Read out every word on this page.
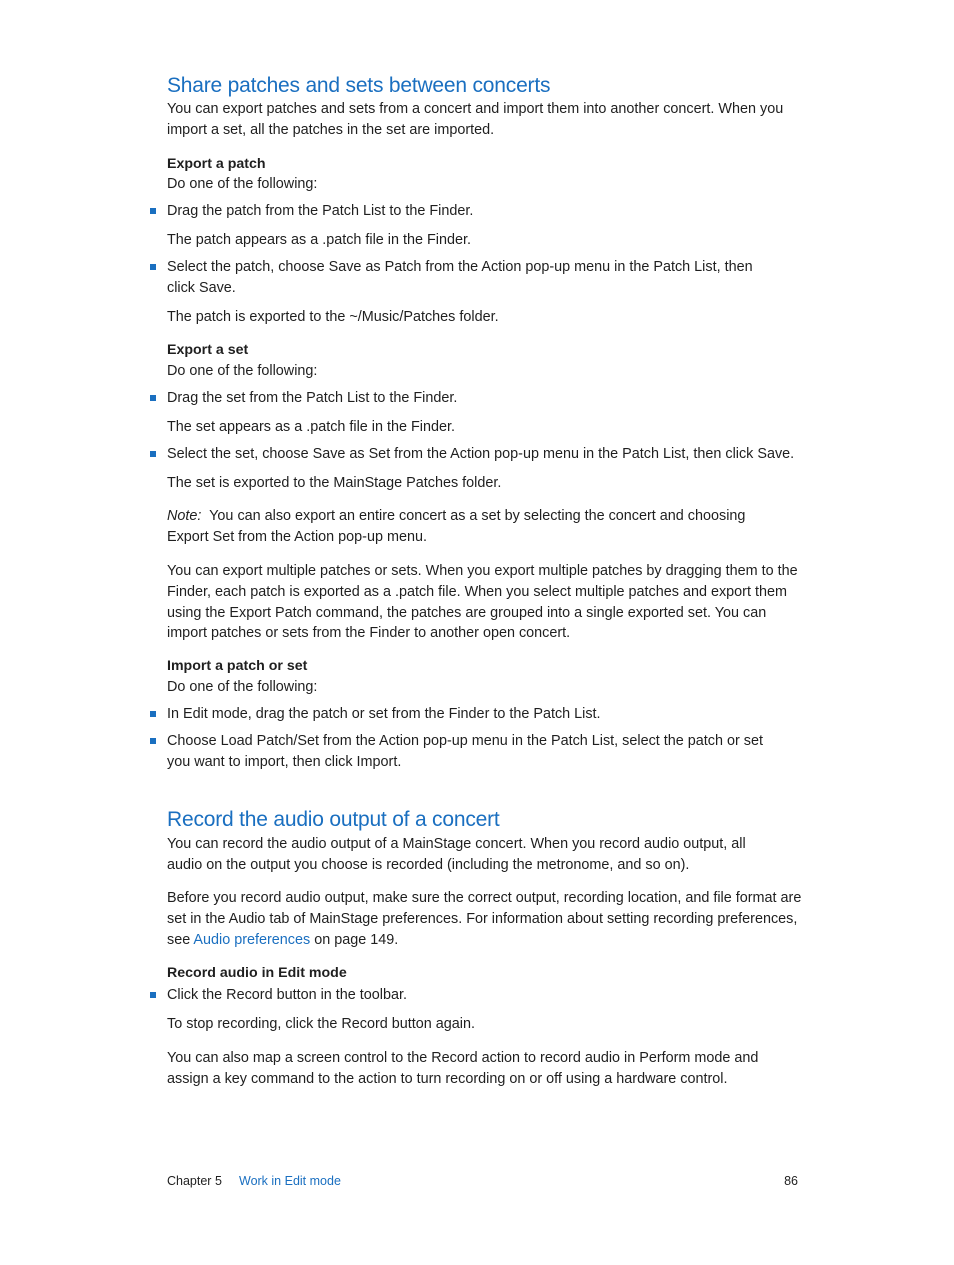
Share patches and sets between concerts

You can export patches and sets from a concert and import them into another concert. When you import a set, all the patches in the set are imported.

Export a patch

Do one of the following:

Drag the patch from the Patch List to the Finder.

The patch appears as a .patch file in the Finder.

Select the patch, choose Save as Patch from the Action pop-up menu in the Patch List, then click Save.

The patch is exported to the ~/Music/Patches folder.

Export a set

Do one of the following:

Drag the set from the Patch List to the Finder.

The set appears as a .patch file in the Finder.

Select the set, choose Save as Set from the Action pop-up menu in the Patch List, then click Save.

The set is exported to the MainStage Patches folder.

Note: You can also export an entire concert as a set by selecting the concert and choosing Export Set from the Action pop-up menu.

You can export multiple patches or sets. When you export multiple patches by dragging them to the Finder, each patch is exported as a .patch file. When you select multiple patches and export them using the Export Patch command, the patches are grouped into a single exported set. You can import patches or sets from the Finder to another open concert.

Import a patch or set

Do one of the following:

In Edit mode, drag the patch or set from the Finder to the Patch List.

Choose Load Patch/Set from the Action pop-up menu in the Patch List, select the patch or set you want to import, then click Import.

Record the audio output of a concert

You can record the audio output of a MainStage concert. When you record audio output, all audio on the output you choose is recorded (including the metronome, and so on).

Before you record audio output, make sure the correct output, recording location, and file format are set in the Audio tab of MainStage preferences. For information about setting recording preferences, see Audio preferences on page 149.

Record audio in Edit mode

Click the Record button in the toolbar.

To stop recording, click the Record button again.

You can also map a screen control to the Record action to record audio in Perform mode and assign a key command to the action to turn recording on or off using a hardware control.

Chapter 5 Work in Edit mode	86
